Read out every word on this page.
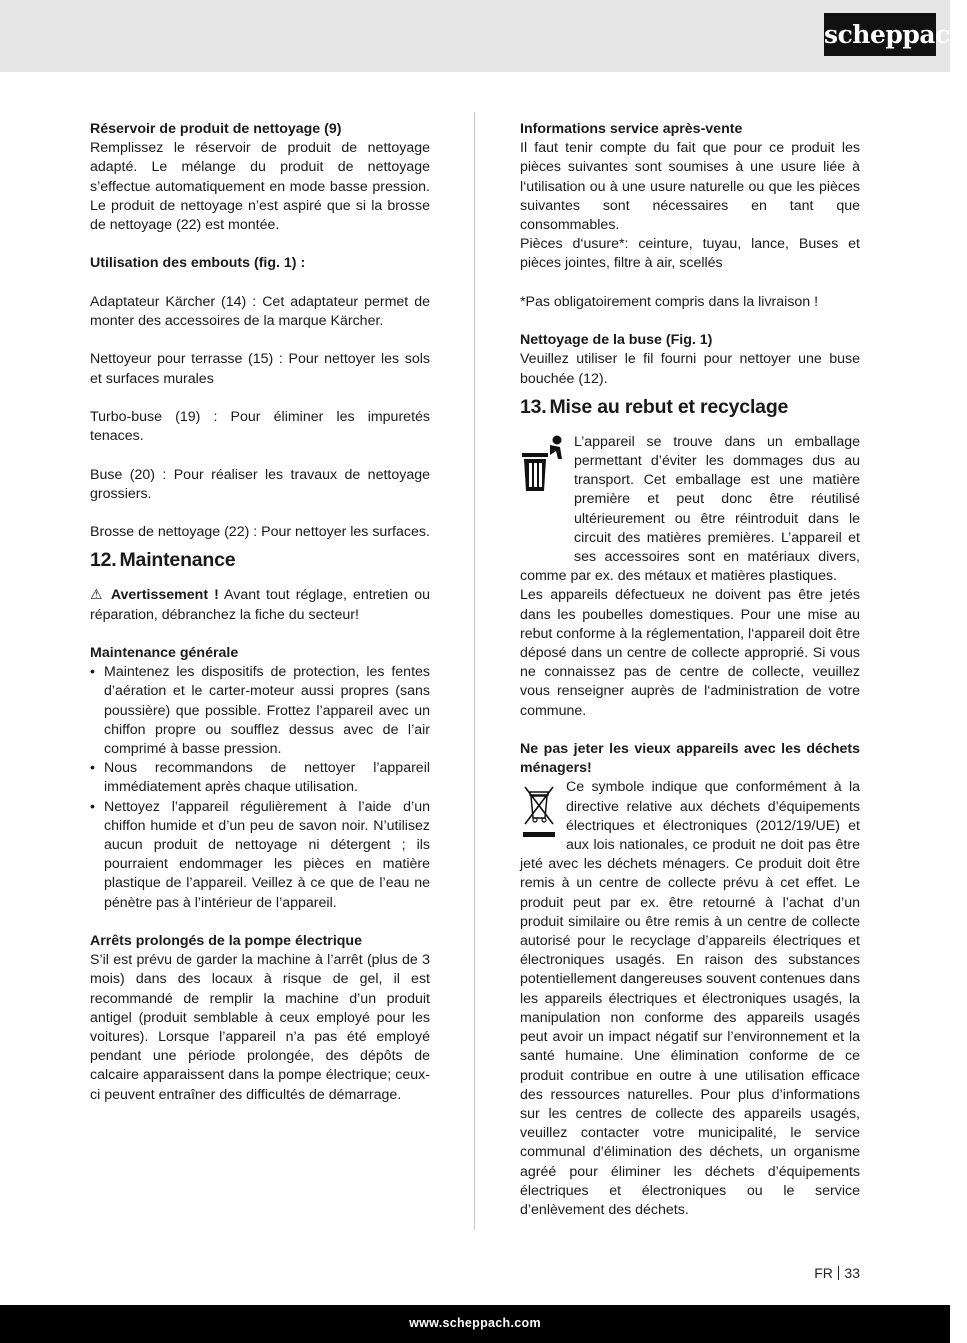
scheppach

Réservoir de produit de nettoyage (9)

Remplissez le réservoir de produit de nettoyage adapté. Le mélange du produit de nettoyage s’effectue automatiquement en mode basse pression. Le produit de nettoyage n’est aspiré que si la brosse de nettoyage (22) est montée.

Utilisation des embouts (fig. 1) :

Adaptateur Kärcher (14) : Cet adaptateur permet de monter des accessoires de la marque Kärcher.

Nettoyeur pour terrasse (15) : Pour nettoyer les sols et surfaces murales

Turbo-buse (19) : Pour éliminer les impuretés tenaces.

Buse (20) : Pour réaliser les travaux de nettoyage grossiers.

Brosse de nettoyage (22) : Pour nettoyer les surfaces.

12. Maintenance

⚠ Avertissement ! Avant tout réglage, entretien ou réparation, débranchez la fiche du secteur!

Maintenance générale

• Maintenez les dispositifs de protection, les fentes d’aération et le carter-moteur aussi propres (sans poussière) que possible. Frottez l’appareil avec un chiffon propre ou soufflez dessus avec de l’air comprimé à basse pression.
• Nous recommandons de nettoyer l’appareil immédiatement après chaque utilisation.
• Nettoyez l’appareil régulièrement à l’aide d’un chiffon humide et d’un peu de savon noir. N’utilisez aucun produit de nettoyage ni détergent ; ils pourraient endommager les pièces en matière plastique de l’appareil. Veillez à ce que de l’eau ne pénètre pas à l’intérieur de l’appareil.

Arrêts prolongés de la pompe électrique

S’il est prévu de garder la machine à l’arrêt (plus de 3 mois) dans des locaux à risque de gel, il est recommandé de remplir la machine d’un produit antigel (produit semblable à ceux employé pour les voitures). Lorsque l’appareil n’a pas été employé pendant une période prolongée, des dépôts de calcaire apparaissent dans la pompe électrique; ceux-ci peuvent entraîner des difficultés de démarrage.

Informations service après-vente

Il faut tenir compte du fait que pour ce produit les pièces suivantes sont soumises à une usure liée à l‘utilisation ou à une usure naturelle ou que les pièces suivantes sont nécessaires en tant que consommables.

Pièces d‘usure*: ceinture, tuyau, lance, Buses et pièces jointes, filtre à air, scellés

*Pas obligatoirement compris dans la livraison !

Nettoyage de la buse (Fig. 1)

Veuillez utiliser le fil fourni pour nettoyer une buse bouchée (12).

13. Mise au rebut et recyclage

L’appareil se trouve dans un emballage permettant d’éviter les dommages dus au transport. Cet emballage est une matière première et peut donc être réutilisé ultérieurement ou être réintroduit dans le circuit des matières premières. L’appareil et ses accessoires sont en matériaux divers, comme par ex. des métaux et matières plastiques.

Les appareils défectueux ne doivent pas être jetés dans les poubelles domestiques. Pour une mise au rebut conforme à la réglementation, l‘appareil doit être déposé dans un centre de collecte approprié. Si vous ne connaissez pas de centre de collecte, veuillez vous renseigner auprès de l‘administration de votre commune.

Ne pas jeter les vieux appareils avec les déchets ménagers!

Ce symbole indique que conformément à la directive relative aux déchets d’équipements électriques et électroniques (2012/19/UE) et aux lois nationales, ce produit ne doit pas être jeté avec les déchets ménagers. Ce produit doit être remis à un centre de collecte prévu à cet effet. Le produit peut par ex. être retourné à l’achat d’un produit similaire ou être remis à un centre de collecte autorisé pour le recyclage d’appareils électriques et électroniques usagés. En raison des substances potentiellement dangereuses souvent contenues dans les appareils électriques et électroniques usagés, la manipulation non conforme des appareils usagés peut avoir un impact négatif sur l’environnement et la santé humaine. Une élimination conforme de ce produit contribue en outre à une utilisation efficace des ressources naturelles. Pour plus d’informations sur les centres de collecte des appareils usagés, veuillez contacter votre municipalité, le service communal d’élimination des déchets, un organisme agréé pour éliminer les déchets d’équipements électriques et électroniques ou le service d’enlèvement des déchets.

FR 33
www.scheppach.com
